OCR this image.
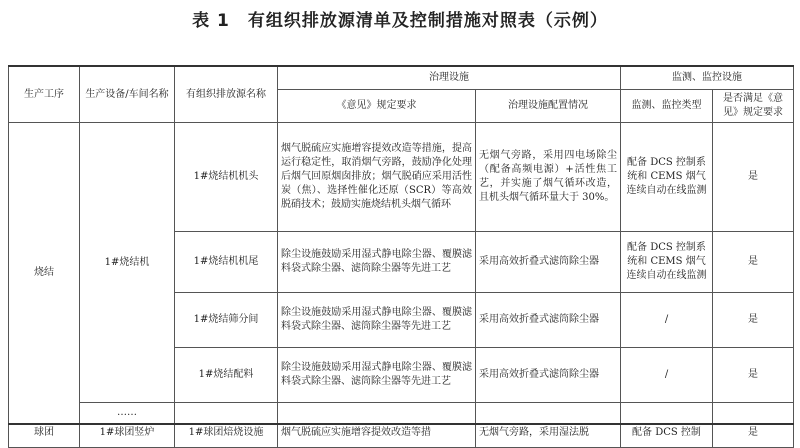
表 1　有组织排放源清单及控制措施对照表（示例）
生产工序	生产设备/车间名称	有组织排放源名称	治理设施		监测、监控设施	
			《意见》规定要求	治理设施配置情况	监测、监控类型	是否满足《意见》规定要求
烧结	1#烧结机	1#烧结机机头	烟气脱硫应实施增容提效改造等措施，提高运行稳定性，取消烟气旁路，鼓励净化处理后烟气回原烟囱排放；烟气脱硝应采用活性炭（焦）、选择性催化还原（SCR）等高效脱硝技术；鼓励实施烧结机头烟气循环	无烟气旁路，采用四电场除尘（配备高频电源）+活性焦工艺，并实施了烟气循环改造，且机头烟气循环量大于 30%。	配备 DCS 控制系统和 CEMS 烟气连续自动在线监测	是
		1#烧结机机尾	除尘设施鼓励采用湿式静电除尘器、覆膜滤料袋式除尘器、滤筒除尘器等先进工艺	采用高效折叠式滤筒除尘器	配备 DCS 控制系统和 CEMS 烟气连续自动在线监测	是
		1#烧结筛分间	除尘设施鼓励采用湿式静电除尘器、覆膜滤料袋式除尘器、滤筒除尘器等先进工艺	采用高效折叠式滤筒除尘器	/	是
		1#烧结配料	除尘设施鼓励采用湿式静电除尘器、覆膜滤料袋式除尘器、滤筒除尘器等先进工艺	采用高效折叠式滤筒除尘器	/	是
	……					
球团	1#球团竖炉	1#球团焙烧设施	烟气脱硫应实施增容提效改造等措	无烟气旁路，采用湿法脱	配备 DCS 控制	是
